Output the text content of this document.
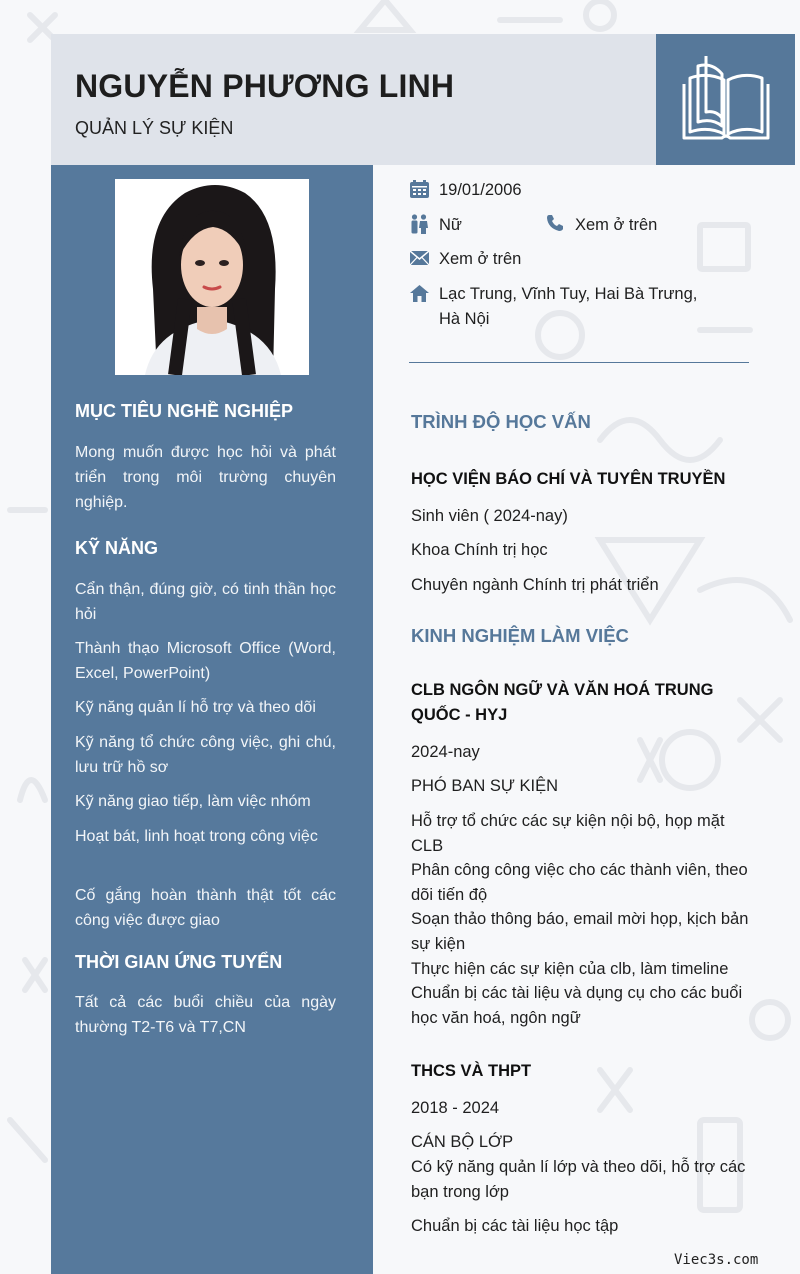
NGUYỄN PHƯƠNG LINH

QUẢN LÝ SỰ KIỆN

MỤC TIÊU NGHỀ NGHIỆP

Mong muốn được học hỏi và phát triển trong môi trường chuyên nghiệp.

KỸ NĂNG

Cẩn thận, đúng giờ, có tinh thần học hỏi

Thành thạo Microsoft Office (Word, Excel, PowerPoint)

Kỹ năng quản lí hỗ trợ và theo dõi

Kỹ năng tổ chức công việc, ghi chú, lưu trữ hồ sơ

Kỹ năng giao tiếp, làm việc nhóm

Hoạt bát, linh hoạt trong công việc

Cố gắng hoàn thành thật tốt các công việc được giao

THỜI GIAN ỨNG TUYỂN

Tất cả các buổi chiều của ngày thường T2-T6 và T7,CN

19/01/2006
Nữ	Xem ở trên
Xem ở trên
Lạc Trung, Vĩnh Tuy, Hai Bà Trưng,
Hà Nội
TRÌNH ĐỘ HỌC VẤN

HỌC VIỆN BÁO CHÍ VÀ TUYÊN TRUYỀN

Sinh viên ( 2024-nay)

Khoa Chính trị học

Chuyên ngành Chính trị phát triển

KINH NGHIỆM LÀM VIỆC

CLB NGÔN NGỮ VÀ VĂN HOÁ TRUNG QUỐC - HYJ

2024-nay

PHÓ BAN SỰ KIỆN

Hỗ trợ tổ chức các sự kiện nội bộ, họp mặt CLB

Phân công công việc cho các thành viên, theo dõi tiến độ

Soạn thảo thông báo, email mời họp, kịch bản sự kiện

Thực hiện các sự kiện của clb, làm timeline

Chuẩn bị các tài liệu và dụng cụ cho các buổi học văn hoá, ngôn ngữ

THCS VÀ THPT

2018 - 2024

CÁN BỘ LỚP

Có kỹ năng quản lí lớp và theo dõi, hỗ trợ các bạn trong lớp

Chuẩn bị các tài liệu học tập

Viec3s.com
